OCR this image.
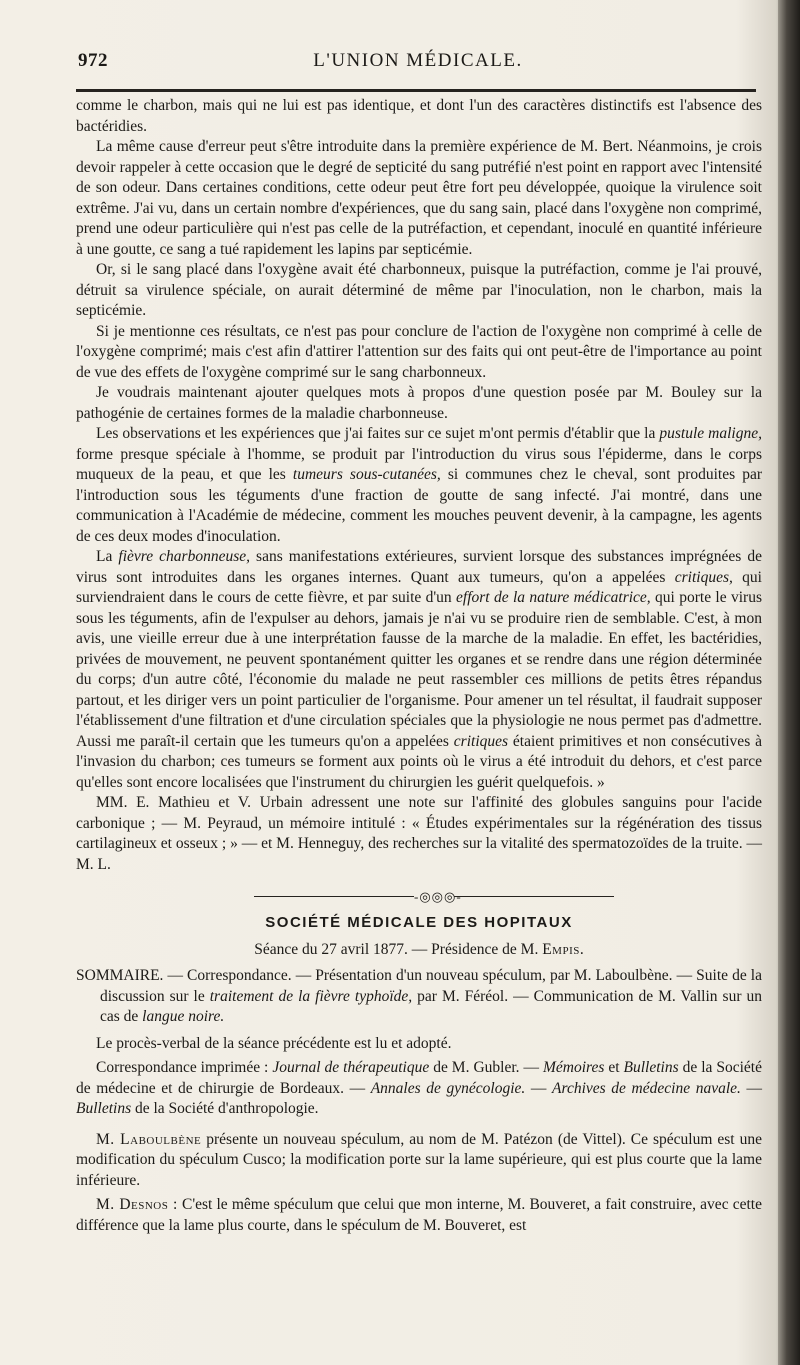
972	L'UNION MÉDICALE.

comme le charbon, mais qui ne lui est pas identique, et dont l'un des caractères distinctifs est l'absence des bactéridies.

La même cause d'erreur peut s'être introduite dans la première expérience de M. Bert. Néanmoins, je crois devoir rappeler à cette occasion que le degré de septicité du sang putréfié n'est point en rapport avec l'intensité de son odeur. Dans certaines conditions, cette odeur peut être fort peu développée, quoique la virulence soit extrême. J'ai vu, dans un certain nombre d'expériences, que du sang sain, placé dans l'oxygène non comprimé, prend une odeur particulière qui n'est pas celle de la putréfaction, et cependant, inoculé en quantité inférieure à une goutte, ce sang a tué rapidement les lapins par septicémie.

Or, si le sang placé dans l'oxygène avait été charbonneux, puisque la putréfaction, comme je l'ai prouvé, détruit sa virulence spéciale, on aurait déterminé de même par l'inoculation, non le charbon, mais la septicémie.

Si je mentionne ces résultats, ce n'est pas pour conclure de l'action de l'oxygène non comprimé à celle de l'oxygène comprimé; mais c'est afin d'attirer l'attention sur des faits qui ont peut-être de l'importance au point de vue des effets de l'oxygène comprimé sur le sang charbonneux.

Je voudrais maintenant ajouter quelques mots à propos d'une question posée par M. Bouley sur la pathogénie de certaines formes de la maladie charbonneuse.

Les observations et les expériences que j'ai faites sur ce sujet m'ont permis d'établir que la pustule maligne, forme presque spéciale à l'homme, se produit par l'introduction du virus sous l'épiderme, dans le corps muqueux de la peau, et que les tumeurs sous-cutanées, si communes chez le cheval, sont produites par l'introduction sous les téguments d'une fraction de goutte de sang infecté. J'ai montré, dans une communication à l'Académie de médecine, comment les mouches peuvent devenir, à la campagne, les agents de ces deux modes d'inoculation.

La fièvre charbonneuse, sans manifestations extérieures, survient lorsque des substances imprégnées de virus sont introduites dans les organes internes. Quant aux tumeurs, qu'on a appelées critiques, qui surviendraient dans le cours de cette fièvre, et par suite d'un effort de la nature médicatrice, qui porte le virus sous les téguments, afin de l'expulser au dehors, jamais je n'ai vu se produire rien de semblable. C'est, à mon avis, une vieille erreur due à une interprétation fausse de la marche de la maladie. En effet, les bactéridies, privées de mouvement, ne peuvent spontanément quitter les organes et se rendre dans une région déterminée du corps; d'un autre côté, l'économie du malade ne peut rassembler ces millions de petits êtres répandus partout, et les diriger vers un point particulier de l'organisme. Pour amener un tel résultat, il faudrait supposer l'établissement d'une filtration et d'une circulation spéciales que la physiologie ne nous permet pas d'admettre. Aussi me paraît-il certain que les tumeurs qu'on a appelées critiques étaient primitives et non consécutives à l'invasion du charbon; ces tumeurs se forment aux points où le virus a été introduit du dehors, et c'est parce qu'elles sont encore localisées que l'instrument du chirurgien les guérit quelquefois. »

MM. E. Mathieu et V. Urbain adressent une note sur l'affinité des globules sanguins pour l'acide carbonique ; — M. Peyraud, un mémoire intitulé : « Études expérimentales sur la régénération des tissus cartilagineux et osseux ; » — et M. Henneguy, des recherches sur la vitalité des spermatozoïdes de la truite. — M. L.

-◎◎◎-
SOCIÉTÉ MÉDICALE DES HOPITAUX
Séance du 27 avril 1877. — Présidence de M. Empis.

SOMMAIRE. — Correspondance. — Présentation d'un nouveau spéculum, par M. Laboulbène. — Suite de la discussion sur le traitement de la fièvre typhoïde, par M. Féréol. — Communication de M. Vallin sur un cas de langue noire.

Le procès-verbal de la séance précédente est lu et adopté.

Correspondance imprimée : Journal de thérapeutique de M. Gubler. — Mémoires et Bulletins de la Société de médecine et de chirurgie de Bordeaux. — Annales de gynécologie. — Archives de médecine navale. — Bulletins de la Société d'anthropologie.

M. Laboulbène présente un nouveau spéculum, au nom de M. Patézon (de Vittel). Ce spéculum est une modification du spéculum Cusco; la modification porte sur la lame supérieure, qui est plus courte que la lame inférieure.

M. Desnos : C'est le même spéculum que celui que mon interne, M. Bouveret, a fait construire, avec cette différence que la lame plus courte, dans le spéculum de M. Bouveret, est
